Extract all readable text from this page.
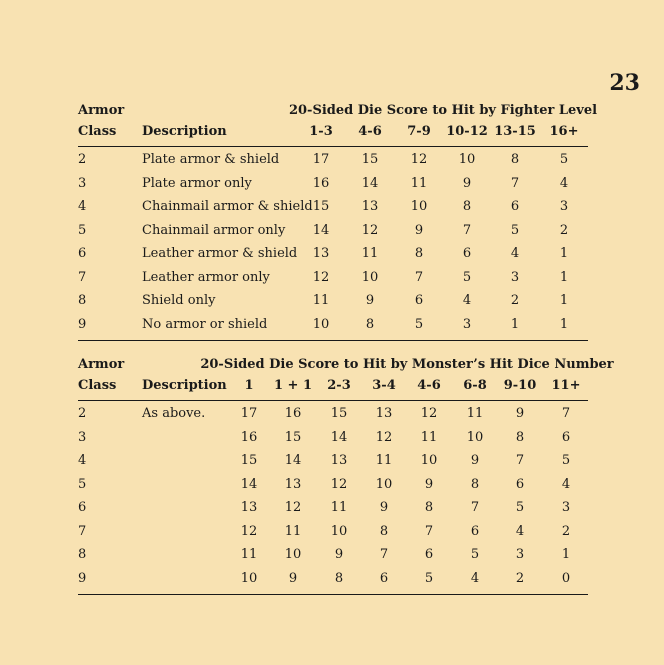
23
Armor	20-Sided Die Score to Hit by Fighter Level
Class Description	1-3 4-6 7-9 10-12 13-15 16+
2	Plate armor & shield	17 15 12 10	8	5
3	Plate armor only	16 14 11	9	7	4
4	Chainmail armor & shield 15 13 10	8	6	3
5	Chainmail armor only 14 12	9	7	5	2
6	Leather armor & shield 13 11	8	6	4	1
7	Leather armor only	12 10	7	5	3	1
8	Shield only	11	9	6	4	2	1
9	No armor or shield	10	8	5	3	1	1
Armor	20-Sided Die Score to Hit by Monster’s Hit Dice Number
Class Description 1 1 + 1 2-3 3-4 4-6 6-8 9-10 11+
2	As above.	17 16 15 13 12 11	9	7
3	16 15 14 12 11 10	8	6
4	15 14 13 11 10	9	7	5
5	14 13 12 10	9	8	6	4
6	13 12 11	9	8	7	5	3
7	12 11 10	8	7	6	4	2
8	11 10	9	7	6	5	3	1
9	10 9	8	6	5	4	2	0
